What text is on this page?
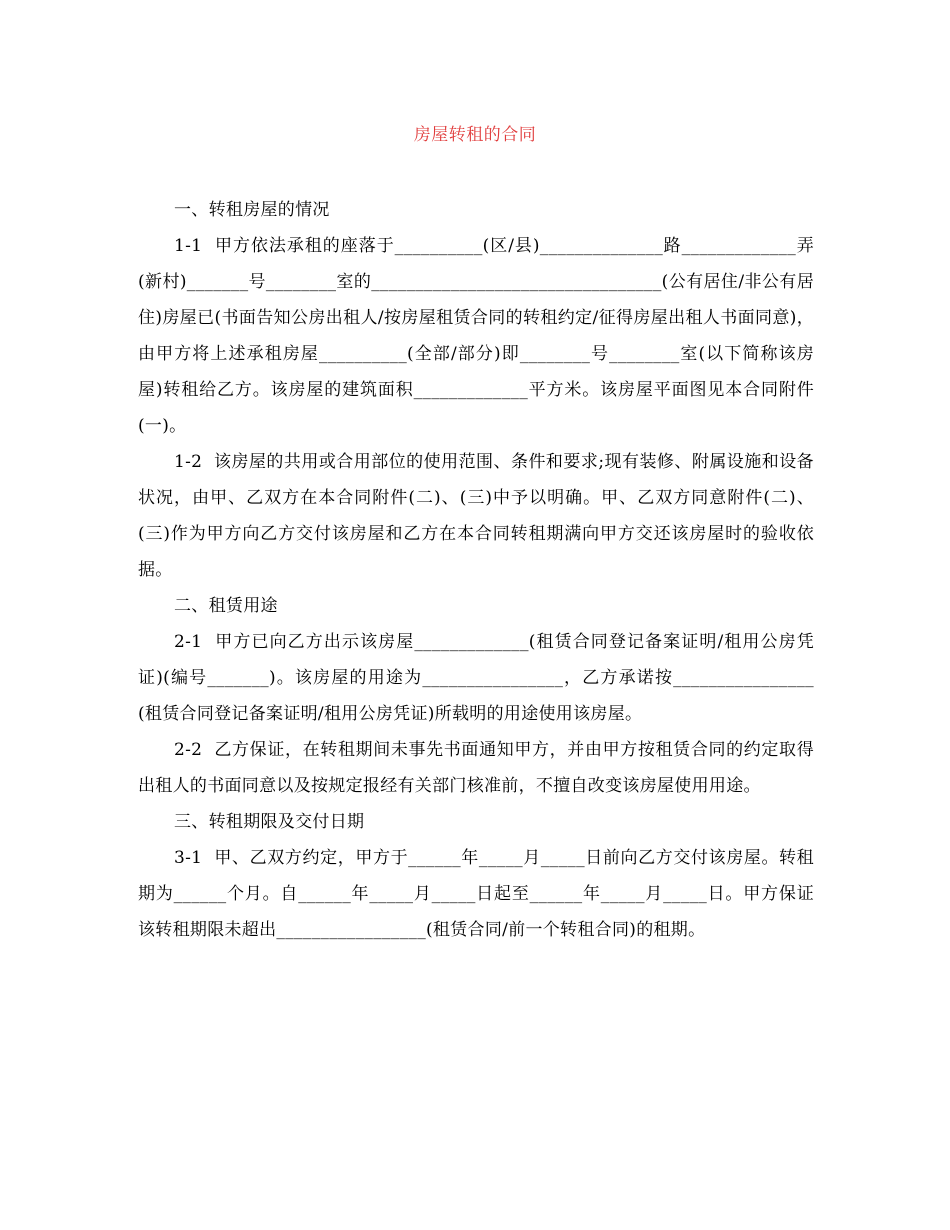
房屋转租的合同

一、转租房屋的情况

1-1  甲方依法承租的座落于__________(区/县)______________路_____________弄(新村)_______号________室的_________________________________(公有居住/非公有居住)房屋已(书面告知公房出租人/按房屋租赁合同的转租约定/征得房屋出租人书面同意)，由甲方将上述承租房屋__________(全部/部分)即________号________室(以下简称该房屋)转租给乙方。该房屋的建筑面积_____________平方米。该房屋平面图见本合同附件(一)。

1-2  该房屋的共用或合用部位的使用范围、条件和要求;现有装修、附属设施和设备状况，由甲、乙双方在本合同附件(二)、(三)中予以明确。甲、乙双方同意附件(二)、(三)作为甲方向乙方交付该房屋和乙方在本合同转租期满向甲方交还该房屋时的验收依据。

二、租赁用途

2-1  甲方已向乙方出示该房屋_____________(租赁合同登记备案证明/租用公房凭证)(编号_______)。该房屋的用途为________________，乙方承诺按________________(租赁合同登记备案证明/租用公房凭证)所载明的用途使用该房屋。

2-2  乙方保证，在转租期间未事先书面通知甲方，并由甲方按租赁合同的约定取得出租人的书面同意以及按规定报经有关部门核准前，不擅自改变该房屋使用用途。

三、转租期限及交付日期

3-1  甲、乙双方约定，甲方于______年_____月_____日前向乙方交付该房屋。转租期为______个月。自______年_____月_____日起至______年_____月_____日。甲方保证该转租期限未超出_________________(租赁合同/前一个转租合同)的租期。
